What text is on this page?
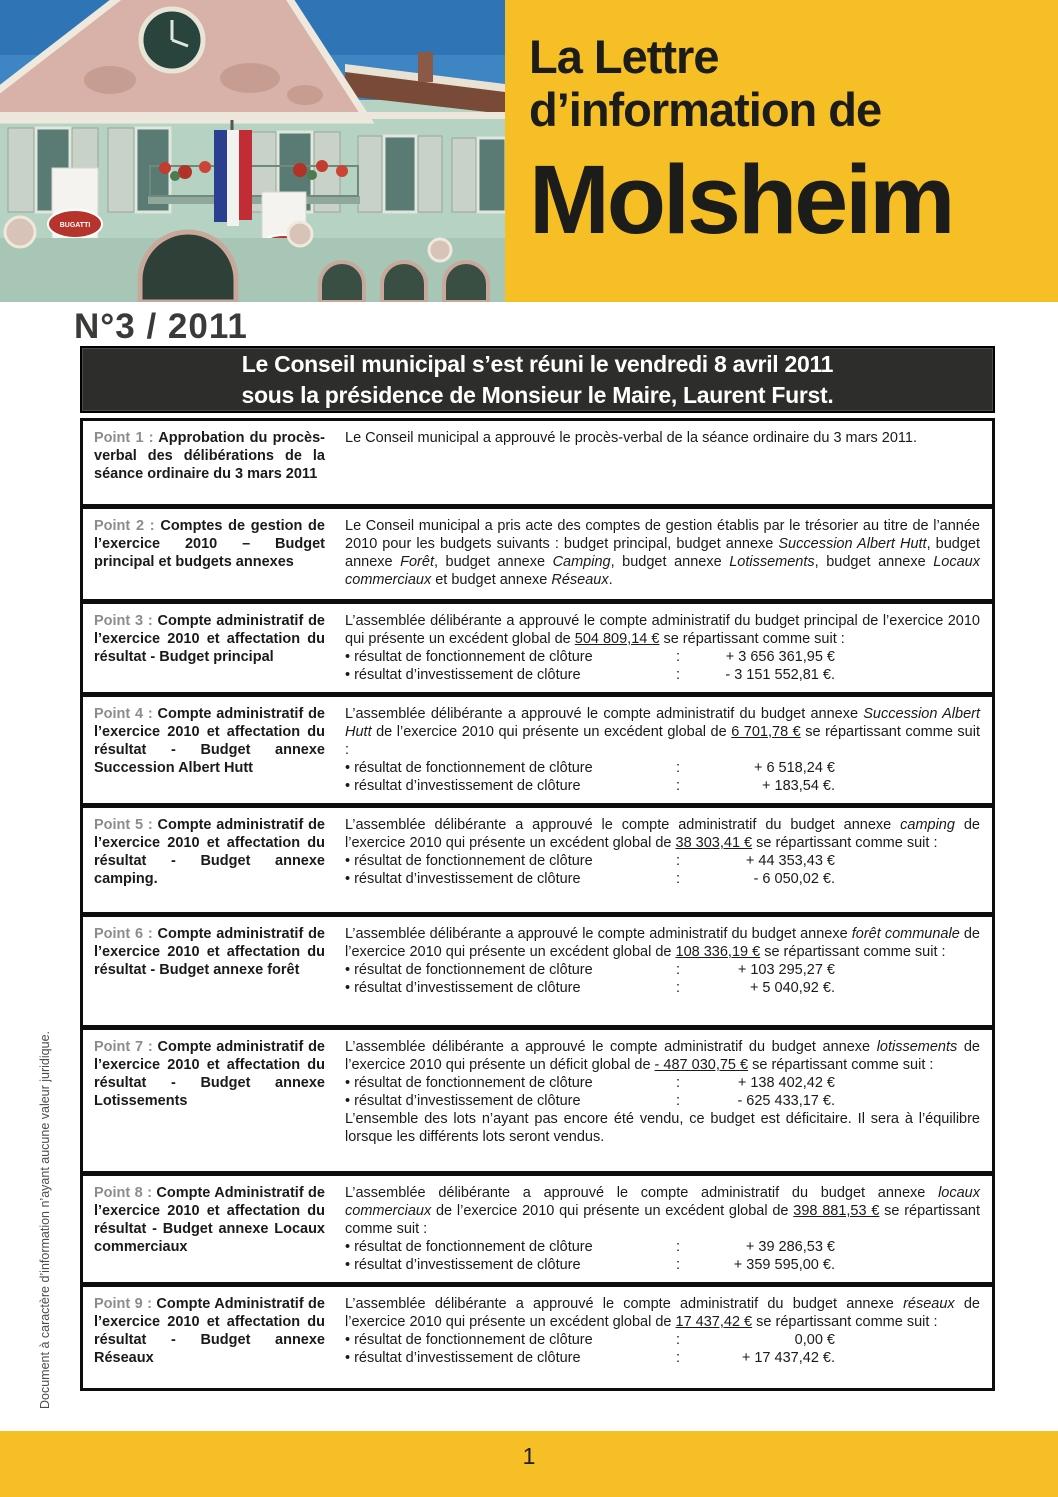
BUGATTI
La Lettre
d’information de
Molsheim
N°3 / 2011
Le Conseil municipal s’est réuni le vendredi 8 avril 2011
sous la présidence de Monsieur le Maire, Laurent Furst.
Point 1 : Approbation du procès-verbal des délibérations de la séance ordinaire du 3 mars 2011

Le Conseil municipal a approuvé le procès-verbal de la séance ordinaire du 3 mars 2011.

Point 2 : Comptes de gestion de l’exercice 2010 – Budget principal et budgets annexes

Le Conseil municipal a pris acte des comptes de gestion établis par le trésorier au titre de l’année 2010 pour les budgets suivants : budget principal, budget annexe Succession Albert Hutt, budget annexe Forêt, budget annexe Camping, budget annexe Lotissements, budget annexe Locaux commerciaux et budget annexe Réseaux.

Point 3 : Compte administratif de l’exercice 2010 et affectation du résultat - Budget principal

L’assemblée délibérante a approuvé le compte administratif du budget principal de l’exercice 2010 qui présente un excédent global de 504 809,14 € se répartissant comme suit :

• résultat de fonctionnement de clôture	:	+ 3 656 361,95 €
• résultat d’investissement de clôture	:	- 3 151 552,81 €.
Point 4 : Compte administratif de l’exercice 2010 et affectation du résultat - Budget annexe Succession Albert Hutt

L’assemblée délibérante a approuvé le compte administratif du budget annexe Succession Albert Hutt de l’exercice 2010 qui présente un excédent global de 6 701,78 € se répartissant comme suit :

• résultat de fonctionnement de clôture	:	+ 6 518,24 €
• résultat d’investissement de clôture	:	+ 183,54 €.
Point 5 : Compte administratif de l’exercice 2010 et affectation du résultat - Budget annexe camping.

L’assemblée délibérante a approuvé le compte administratif du budget annexe camping de l’exercice 2010 qui présente un excédent global de 38 303,41 € se répartissant comme suit :

• résultat de fonctionnement de clôture	:	+ 44 353,43 €
• résultat d’investissement de clôture	:	- 6 050,02 €.
Point 6 : Compte administratif de l’exercice 2010 et affectation du résultat - Budget annexe forêt

L’assemblée délibérante a approuvé le compte administratif du budget annexe forêt communale de l’exercice 2010 qui présente un excédent global de 108 336,19 € se répartissant comme suit :

• résultat de fonctionnement de clôture	:	+ 103 295,27 €
• résultat d’investissement de clôture	:	+ 5 040,92 €.
Point 7 : Compte administratif de l’exercice 2010 et affectation du résultat - Budget annexe Lotissements

L’assemblée délibérante a approuvé le compte administratif du budget annexe lotissements de l’exercice 2010 qui présente un déficit global de - 487 030,75 € se répartissant comme suit :

• résultat de fonctionnement de clôture	:	+ 138 402,42 €
• résultat d’investissement de clôture	:	- 625 433,17 €.

L’ensemble des lots n’ayant pas encore été vendu, ce budget est déficitaire. Il sera à l’équilibre lorsque les différents lots seront vendus.

Point 8 : Compte Administratif de l’exercice 2010 et affectation du résultat - Budget annexe Locaux commerciaux

L’assemblée délibérante a approuvé le compte administratif du budget annexe locaux commerciaux de l’exercice 2010 qui présente un excédent global de 398 881,53 € se répartissant comme suit :

• résultat de fonctionnement de clôture	:	+ 39 286,53 €
• résultat d’investissement de clôture	:	+ 359 595,00 €.
Point 9 : Compte Administratif de l’exercice 2010 et affectation du résultat - Budget annexe Réseaux

L’assemblée délibérante a approuvé le compte administratif du budget annexe réseaux de l’exercice 2010 qui présente un excédent global de 17 437,42 € se répartissant comme suit :

• résultat de fonctionnement de clôture	:	0,00 €
• résultat d’investissement de clôture	:	+ 17 437,42 €.
Document à caractère d’information n’ayant aucune valeur juridique.
1
